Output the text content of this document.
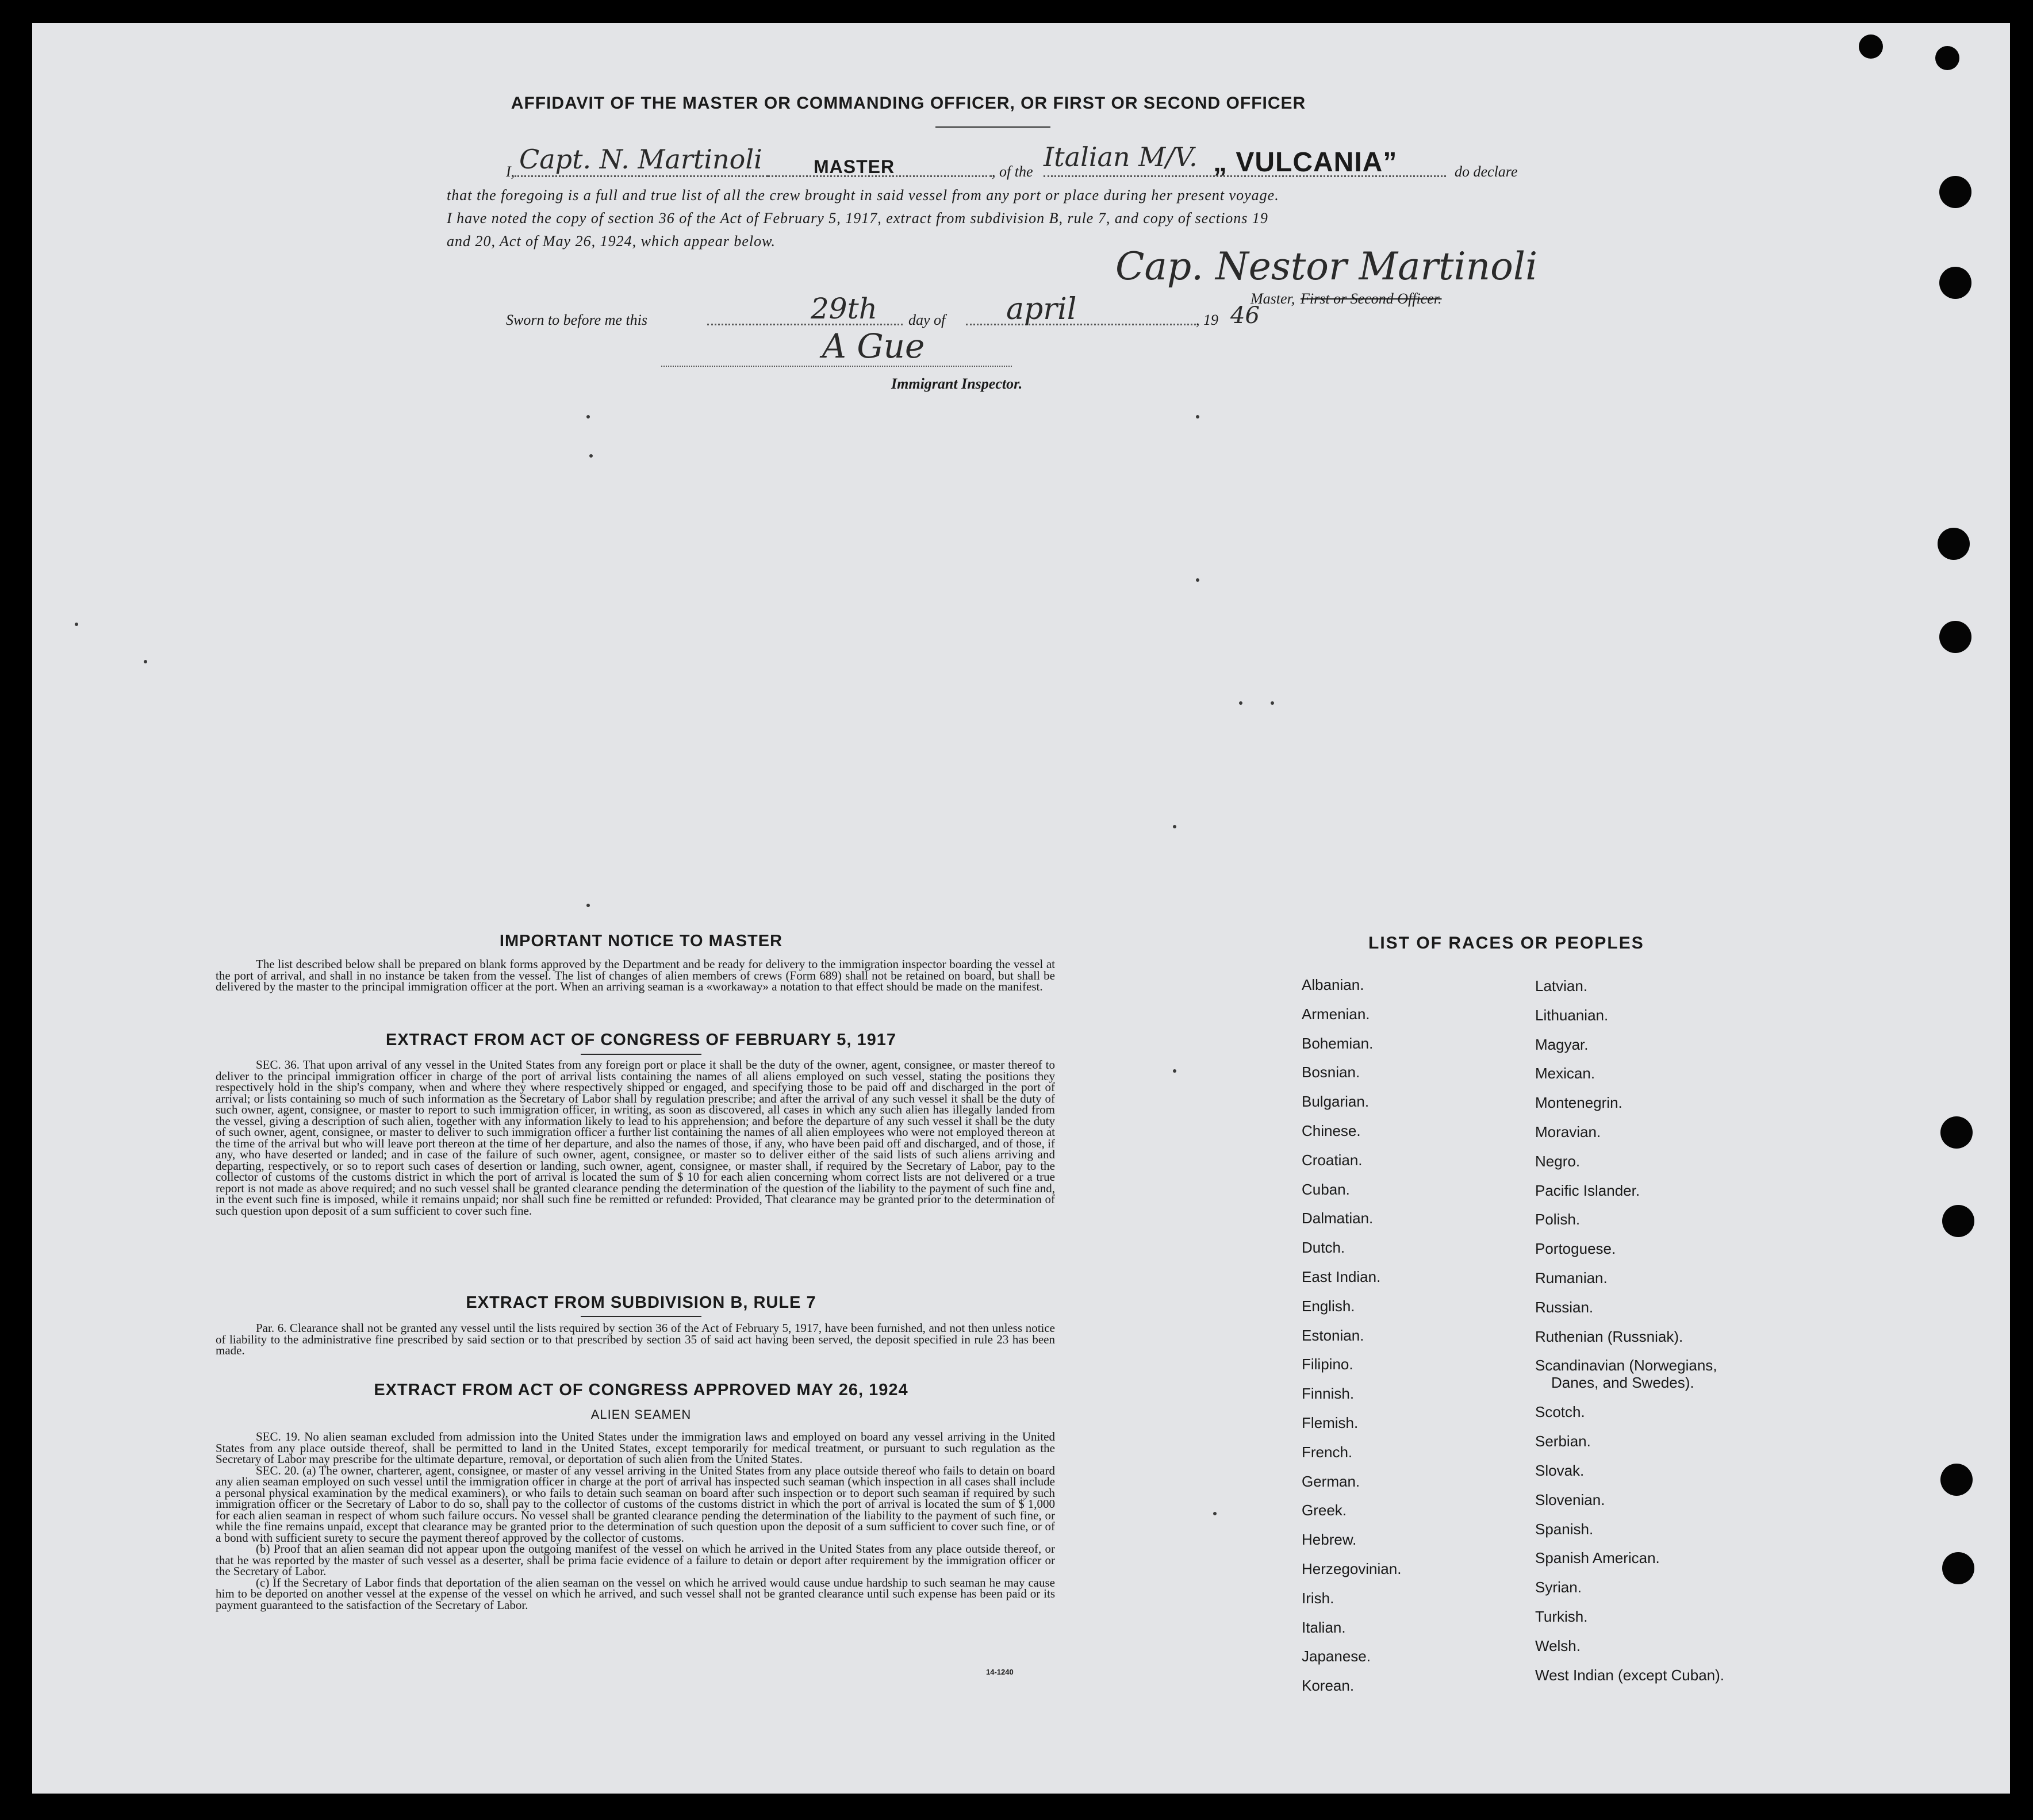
AFFIDAVIT OF THE MASTER OR COMMANDING OFFICER, OR FIRST OR SECOND OFFICER
I, Capt. N. Martinoli	MASTER	, of the Italian M/V. „ VULCANIA”	do declare
that the foregoing is a full and true list of all the crew brought in said vessel from any port or place during her present voyage.
I have noted the copy of section 36 of the Act of February 5, 1917, extract from subdivision B, rule 7, and copy of sections 19
and 20, Act of May 26, 1924, which appear below.
Cap. Nestor Martinoli
Master, First or Second Officer.
Sworn to before me this	29th day of april	, 19 46
A Gue
Immigrant Inspector.
IMPORTANT NOTICE TO MASTER

The list described below shall be prepared on blank forms approved by the Department and be ready for delivery to the immigration inspector boarding the vessel at the port of arrival, and shall in no instance be taken from the vessel. The list of changes of alien members of crews (Form 689) shall not be retained on board, but shall be delivered by the master to the principal immigration officer at the port. When an arriving seaman is a «workaway» a notation to that effect should be made on the manifest.

EXTRACT FROM ACT OF CONGRESS OF FEBRUARY 5, 1917

SEC. 36. That upon arrival of any vessel in the United States from any foreign port or place it shall be the duty of the owner, agent, consignee, or master thereof to deliver to the principal immigration officer in charge of the port of arrival lists containing the names of all aliens employed on such vessel, stating the positions they respectively hold in the ship's company, when and where they where respectively shipped or engaged, and specifying those to be paid off and discharged in the port of arrival; or lists containing so much of such information as the Secretary of Labor shall by regulation prescribe; and after the arrival of any such vessel it shall be the duty of such owner, agent, consignee, or master to report to such immigration officer, in writing, as soon as discovered, all cases in which any such alien has illegally landed from the vessel, giving a description of such alien, together with any information likely to lead to his apprehension; and before the departure of any such vessel it shall be the duty of such owner, agent, consignee, or master to deliver to such immigration officer a further list containing the names of all alien employees who were not employed thereon at the time of the arrival but who will leave port thereon at the time of her departure, and also the names of those, if any, who have been paid off and discharged, and of those, if any, who have deserted or landed; and in case of the failure of such owner, agent, consignee, or master so to deliver either of the said lists of such aliens arriving and departing, respectively, or so to report such cases of desertion or landing, such owner, agent, consignee, or master shall, if required by the Secretary of Labor, pay to the collector of customs of the customs district in which the port of arrival is located the sum of $ 10 for each alien concerning whom correct lists are not delivered or a true report is not made as above required; and no such vessel shall be granted clearance pending the determination of the question of the liability to the payment of such fine and, in the event such fine is imposed, while it remains unpaid; nor shall such fine be remitted or refunded: Provided, That clearance may be granted prior to the determination of such question upon deposit of a sum sufficient to cover such fine.

EXTRACT FROM SUBDIVISION B, RULE 7

Par. 6. Clearance shall not be granted any vessel until the lists required by section 36 of the Act of February 5, 1917, have been furnished, and not then unless notice of liability to the administrative fine prescribed by said section or to that prescribed by section 35 of said act having been served, the deposit specified in rule 23 has been made.

EXTRACT FROM ACT OF CONGRESS APPROVED MAY 26, 1924
ALIEN SEAMEN

SEC. 19. No alien seaman excluded from admission into the United States under the immigration laws and employed on board any vessel arriving in the United States from any place outside thereof, shall be permitted to land in the United States, except temporarily for medical treatment, or pursuant to such regulation as the Secretary of Labor may prescribe for the ultimate departure, removal, or deportation of such alien from the United States.

SEC. 20. (a) The owner, charterer, agent, consignee, or master of any vessel arriving in the United States from any place outside thereof who fails to detain on board any alien seaman employed on such vessel until the immigration officer in charge at the port of arrival has inspected such seaman (which inspection in all cases shall include a personal physical examination by the medical examiners), or who fails to detain such seaman on board after such inspection or to deport such seaman if required by such immigration officer or the Secretary of Labor to do so, shall pay to the collector of customs of the customs district in which the port of arrival is located the sum of $ 1,000 for each alien seaman in respect of whom such failure occurs. No vessel shall be granted clearance pending the determination of the liability to the payment of such fine, or while the fine remains unpaid, except that clearance may be granted prior to the determination of such question upon the deposit of a sum sufficient to cover such fine, or of a bond with sufficient surety to secure the payment thereof approved by the collector of customs.

(b) Proof that an alien seaman did not appear upon the outgoing manifest of the vessel on which he arrived in the United States from any place outside thereof, or that he was reported by the master of such vessel as a deserter, shall be prima facie evidence of a failure to detain or deport after requirement by the immigration officer or the Secretary of Labor.

(c) If the Secretary of Labor finds that deportation of the alien seaman on the vessel on which he arrived would cause undue hardship to such seaman he may cause him to be deported on another vessel at the expense of the vessel on which he arrived, and such vessel shall not be granted clearance until such expense has been paid or its payment guaranteed to the satisfaction of the Secretary of Labor.

14-1240
LIST OF RACES OR PEOPLES
Albanian.
Armenian.
Bohemian.
Bosnian.
Bulgarian.
Chinese.
Croatian.
Cuban.
Dalmatian.
Dutch.
East Indian.
English.
Estonian.
Filipino.
Finnish.
Flemish.
French.
German.
Greek.
Hebrew.
Herzegovinian.
Irish.
Italian.
Japanese.
Korean.
Latvian.
Lithuanian.
Magyar.
Mexican.
Montenegrin.
Moravian.
Negro.
Pacific Islander.
Polish.
Portoguese.
Rumanian.
Russian.
Ruthenian (Russniak).
Scandinavian (Norwegians,
Danes, and Swedes).
Scotch.
Serbian.
Slovak.
Slovenian.
Spanish.
Spanish American.
Syrian.
Turkish.
Welsh.
West Indian (except Cuban).
